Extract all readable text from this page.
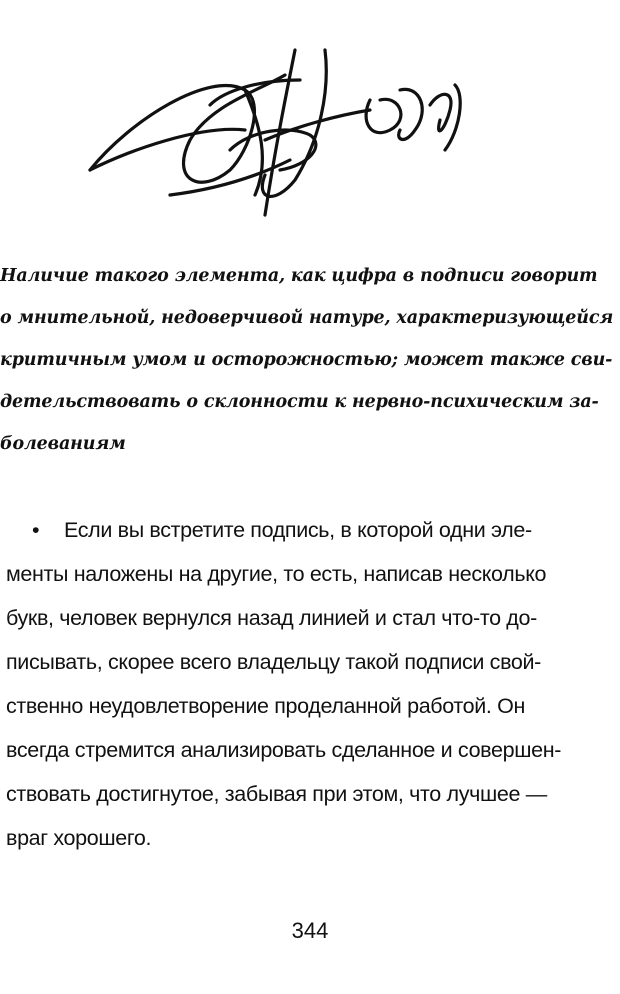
Наличие такого элемента, как цифра в подписи говорит
о мнительной, недоверчивой натуре, характеризующейся
критичным умом и осторожностью; может также сви-
детельствовать о склонности к нервно-психическим за-
болеваниям
• Если вы встретите подпись, в которой одни эле-
менты наложены на другие, то есть, написав несколько
букв, человек вернулся назад линией и стал что-то до-
писывать, скорее всего владельцу такой подписи свой-
ственно неудовлетворение проделанной работой. Он
всегда стремится анализировать сделанное и совершен-
ствовать достигнутое, забывая при этом, что лучшее —
враг хорошего.
344
